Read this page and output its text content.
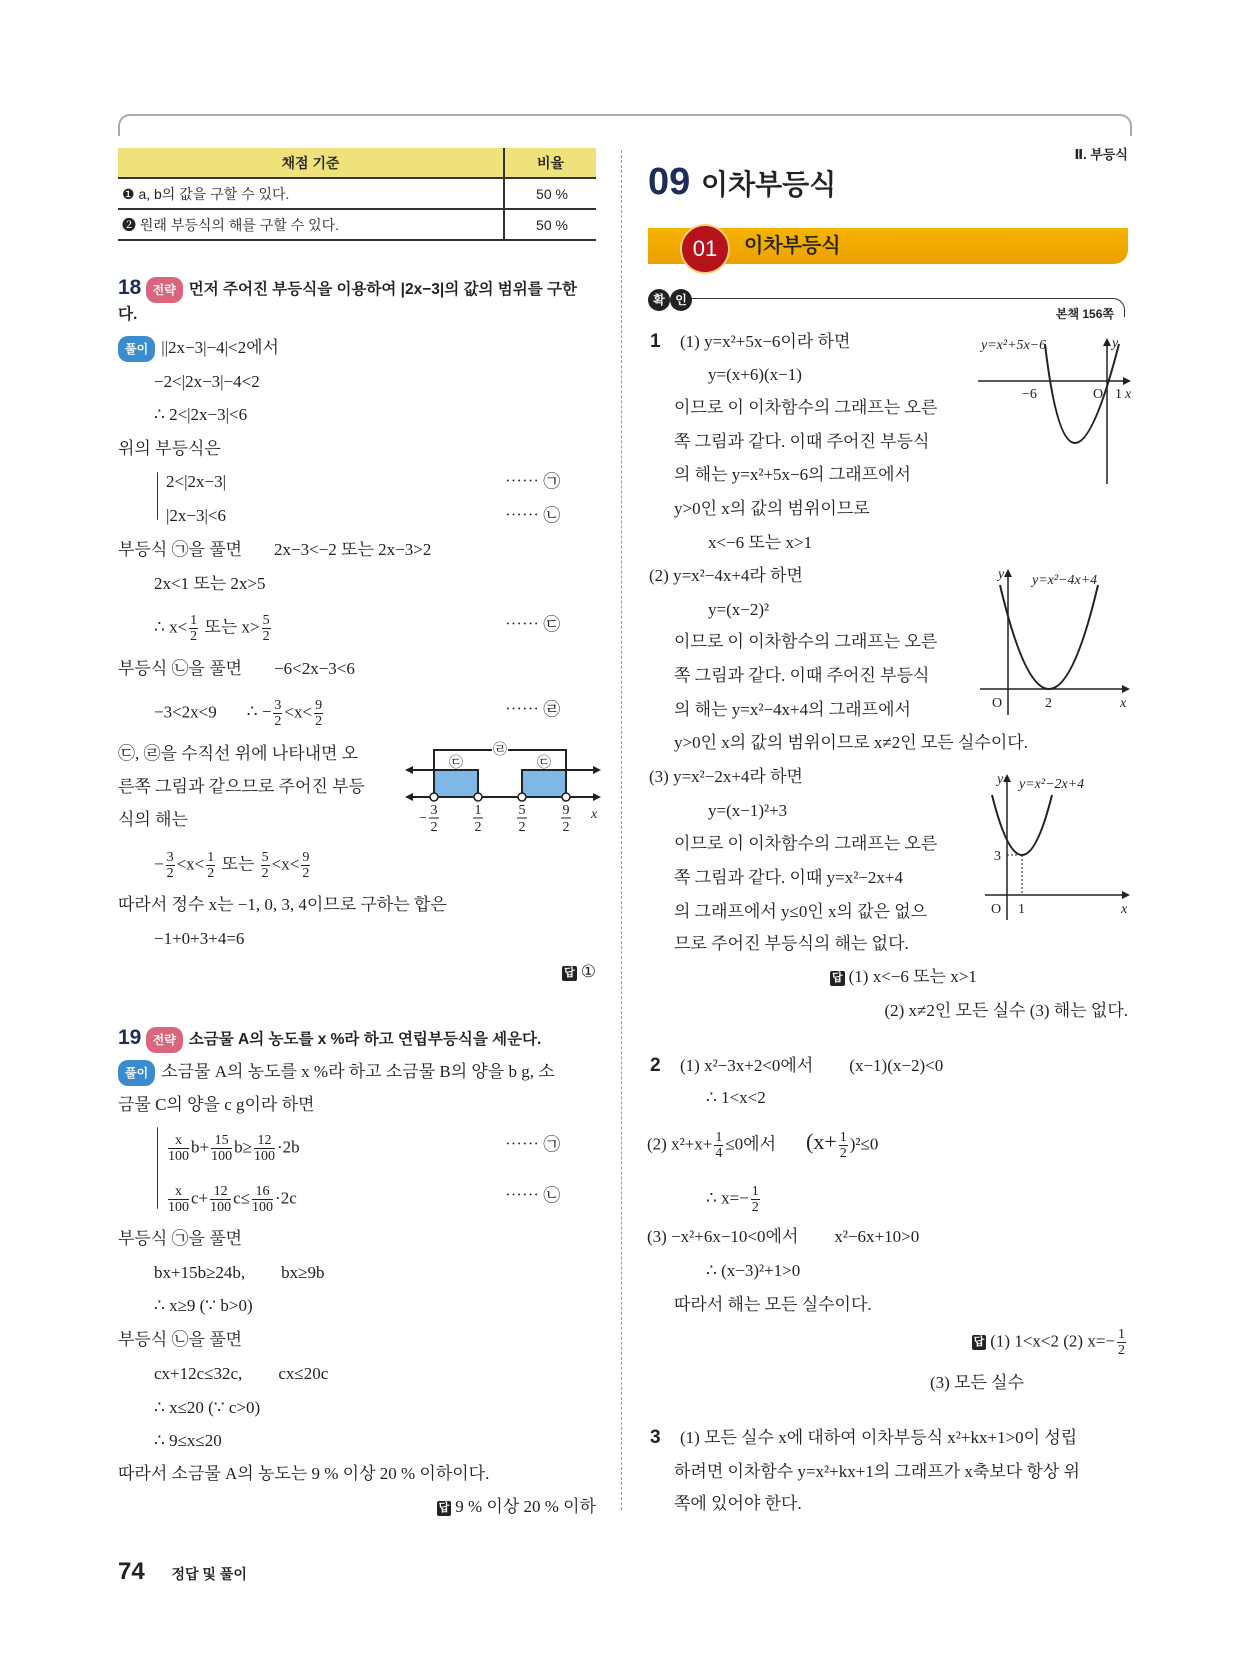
채점 기준	비율
❶ a, b의 값을 구할 수 있다.	50 %
❷ 원래 부등식의 해를 구할 수 있다.	50 %
18 전략 먼저 주어진 부등식을 이용하여 |2x−3|의 값의 범위를 구한
다.
풀이 ||2x−3|−4|<2에서
−2<|2x−3|−4<2
∴ 2<|2x−3|<6
위의 부등식은
2<|2x−3|	⋯⋯ ㉠
|2x−3|<6	⋯⋯ ㉡
부등식 ㉠을 풀면 2x−3<−2 또는 2x−3>2
2x<1 또는 2x>5
∴ $x< \frac{1}{2}$ 또는 $x> \frac{5}{2}$	⋯⋯ ㉢
부등식 ㉡을 풀면 −6<2x−3<6
−3<2x<9 ∴ − $\frac{3}{2} <x< \frac{9}{2}$	⋯⋯ ㉣
㉢, ㉣을 수직선 위에 나타내면 오
른쪽 그림과 같으므로 주어진 부등
식의 해는
㉣
㉢	㉢
−
3
2
1
2
5
2
9
2
x
− $\frac{3}{2} <x< \frac{1}{2}$ 또는 $\frac{5}{2} <x< \frac{9}{2}$
따라서 정수 x는 −1, 0, 3, 4이므로 구하는 합은
−1+0+3+4=6
답 ①
19 전략 소금물 A의 농도를 x %라 하고 연립부등식을 세운다.
풀이 소금물 A의 농도를 x %라 하고 소금물 B의 양을 b g, 소
금물 C의 양을 c g이라 하면
$\frac{x}{100} b+ \frac{15}{100} b\ge \frac{12}{100} \cdot 2b$	⋯⋯ ㉠
$\frac{x}{100} c+ \frac{12}{100} c\le \frac{16}{100} \cdot 2c$	⋯⋯ ㉡
부등식 ㉠을 풀면
bx+15b≥24b, bx≥9b
∴ x≥9 (∵ b>0)
부등식 ㉡을 풀면
cx+12c≤32c, cx≤20c
∴ x≤20 (∵ c>0)
∴ 9≤x≤20
따라서 소금물 A의 농도는 9 % 이상 20 % 이하이다.
답 9 % 이상 20 % 이하
74 정답 및 풀이
Ⅱ. 부등식
09 이차부등식
01	이차부등식
확 인
본책 156쪽
1 (1) y=x²+5x−6이라 하면
y=(x+6)(x−1)
이므로 이 이차함수의 그래프는 오른
쪽 그림과 같다. 이때 주어진 부등식
의 해는 y=x²+5x−6의 그래프에서
y>0인 x의 값의 범위이므로
x<−6 또는 x>1
y=x²+5x−6	y
−6	O 1 x
(2) y=x²−4x+4라 하면
y=(x−2)²
이므로 이 이차함수의 그래프는 오른
쪽 그림과 같다. 이때 주어진 부등식
의 해는 y=x²−4x+4의 그래프에서
y>0인 x의 값의 범위이므로 x≠2인 모든 실수이다.
y y=x²−4x+4
O	2	x
(3) y=x²−2x+4라 하면
y=(x−1)²+3
이므로 이 이차함수의 그래프는 오른
쪽 그림과 같다. 이때 y=x²−2x+4
의 그래프에서 y≤0인 x의 값은 없으
므로 주어진 부등식의 해는 없다.
y y=x²−2x+4
3
O 1	x
답 (1) x<−6 또는 x>1
(2) x≠2인 모든 실수 (3) 해는 없다.
2 (1) x²−3x+2<0에서 (x−1)(x−2)<0
∴ 1<x<2
(2) $x^2+x+ \frac{1}{4} \le 0$에서 $(x+ \frac{1}{2} )^2\le 0$
∴ $x=- \frac{1}{2}$
(3) −x²+6x−10<0에서 x²−6x+10>0
∴ (x−3)²+1>0
따라서 해는 모든 실수이다.
답 (1) 1<x<2 (2) $x=- \frac{1}{2}$
(3) 모든 실수
3 (1) 모든 실수 x에 대하여 이차부등식 x²+kx+1>0이 성립
하려면 이차함수 y=x²+kx+1의 그래프가 x축보다 항상 위
쪽에 있어야 한다.
